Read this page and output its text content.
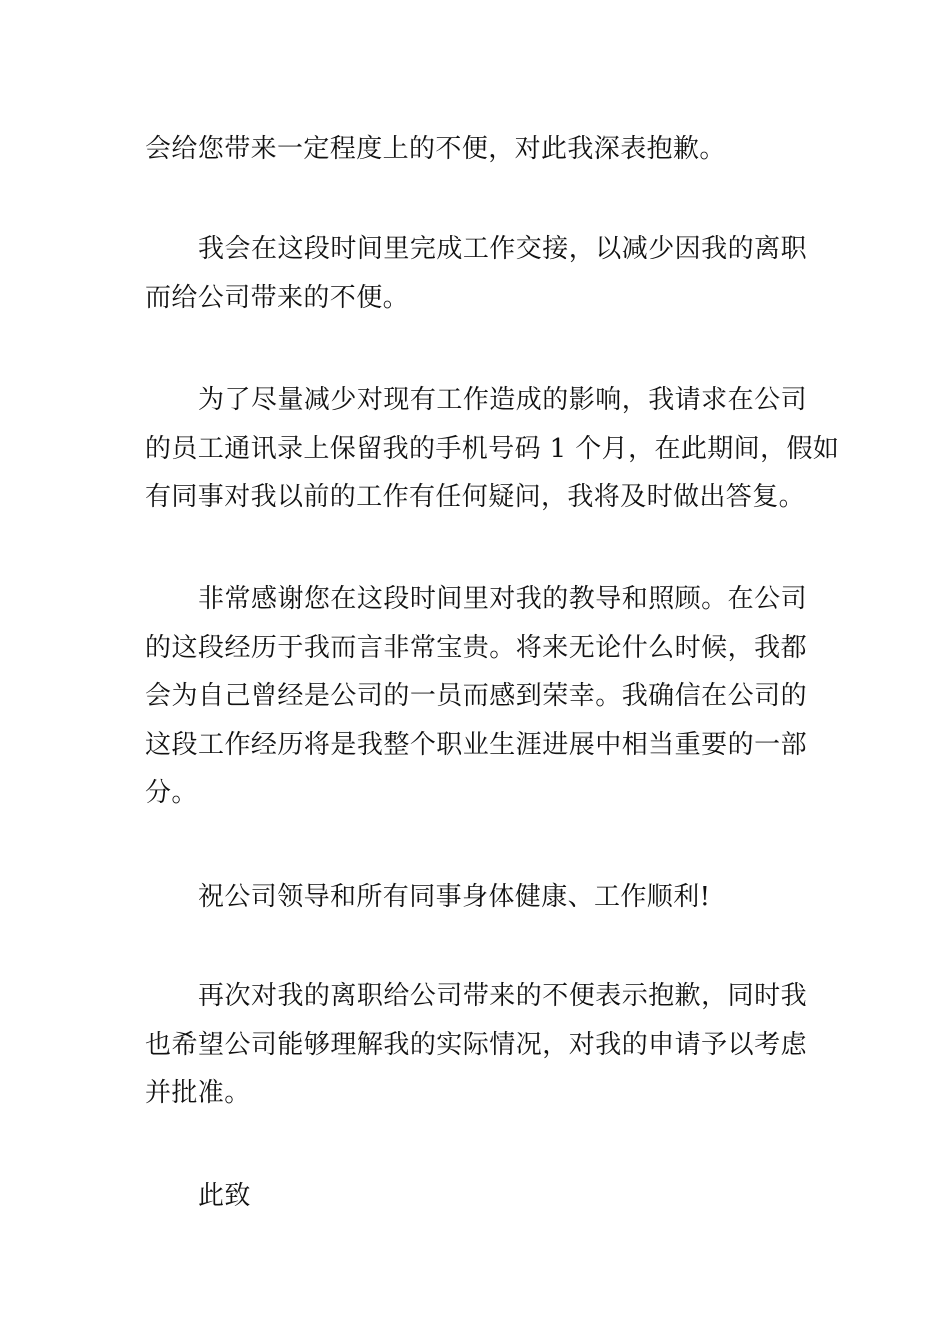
会给您带来一定程度上的不便，对此我深表抱歉。
我会在这段时间里完成工作交接，以减少因我的离职
而给公司带来的不便。
为了尽量减少对现有工作造成的影响，我请求在公司
的员工通讯录上保留我的手机号码 1 个月，在此期间，假如
有同事对我以前的工作有任何疑问，我将及时做出答复。
非常感谢您在这段时间里对我的教导和照顾。在公司
的这段经历于我而言非常宝贵。将来无论什么时候，我都
会为自己曾经是公司的一员而感到荣幸。我确信在公司的
这段工作经历将是我整个职业生涯进展中相当重要的一部
分。
祝公司领导和所有同事身体健康、工作顺利!
再次对我的离职给公司带来的不便表示抱歉，同时我
也希望公司能够理解我的实际情况，对我的申请予以考虑
并批准。
此致
